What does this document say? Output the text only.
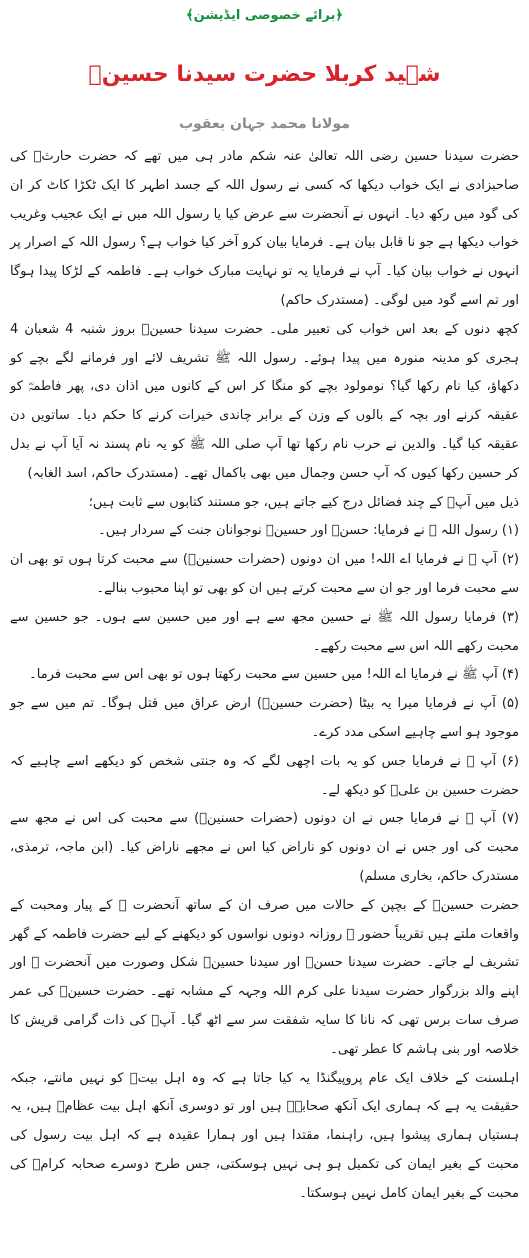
﴿برائے خصوصی ایڈیشن﴾
شہید کربلا حضرت سیدنا حسینؓ
مولانا محمد جہان یعقوب

حضرت سیدنا حسین رضی اللہ تعالیٰ عنہ شکم مادر ہی میں تھے کہ حضرت حارثؓ کی صاحبزادی نے ایک خواب دیکھا کہ کسی نے رسول اللہ کے جسد اطہر کا ایک ٹکڑا کاٹ کر ان کی گود میں رکھ دیا۔ انہوں نے آنحضرت سے عرض کیا یا رسول اللہ میں نے ایک عجیب وغریب خواب دیکھا ہے جو نا قابل بیان ہے۔ فرمایا بیان کرو آخر کیا خواب ہے؟ رسول اللہ کے اصرار پر انہوں نے خواب بیان کیا۔ آپ نے فرمایا یہ تو نہایت مبارک خواب ہے۔ فاطمہ کے لڑکا پیدا ہوگا اور تم اسے گود میں لوگی۔ (مستدرک حاکم)

کچھ دنوں کے بعد اس خواب کی تعبیر ملی۔ حضرت سیدنا حسینؓ بروز شنبہ 4 شعبان 4 ہجری کو مدینہ منورہ میں پیدا ہوئے۔ رسول اللہ ﷺ تشریف لائے اور فرمانے لگے بچے کو دکھاؤ، کیا نام رکھا گیا؟ نومولود بچے کو منگا کر اس کے کانوں میں اذان دی، پھر فاطمہؓ کو عقیقہ کرنے اور بچہ کے بالوں کے وزن کے برابر چاندی خیرات کرنے کا حکم دیا۔ ساتویں دن عقیقہ کیا گیا۔ والدین نے حرب نام رکھا تھا آپ صلی اللہ ﷺ کو یہ نام پسند نہ آیا آپ نے بدل کر حسین رکھا کیوں کہ آپ حسن وجمال میں بھی باکمال تھے۔ (مستدرک حاکم، اسد الغابہ)

ذیل میں آپؓ کے چند فضائل درج کیے جاتے ہیں، جو مستند کتابوں سے ثابت ہیں؛

(۱) رسول اللہ ﷺ نے فرمایا: حسنؓ اور حسینؓ نوجوانان جنت کے سردار ہیں۔

(۲) آپ ﷺ نے فرمایا اے اللہ! میں ان دونوں (حضرات حسنینؓ) سے محبت کرتا ہوں تو بھی ان سے محبت فرما اور جو ان سے محبت کرتے ہیں ان کو بھی تو اپنا محبوب بنالے۔

(۳) فرمایا رسول اللہ ﷺ نے حسین مجھ سے ہے اور میں حسین سے ہوں۔ جو حسین سے محبت رکھے اللہ اس سے محبت رکھے۔

(۴) آپ ﷺ نے فرمایا اے اللہ! میں حسین سے محبت رکھتا ہوں تو بھی اس سے محبت فرما۔

(۵) آپ نے فرمایا میرا یہ بیٹا (حضرت حسینؓ) ارض عراق میں قتل ہوگا۔ تم میں سے جو موجود ہو اسے چاہیے اسکی مدد کرے۔

(۶) آپ ﷺ نے فرمایا جس کو یہ بات اچھی لگے کہ وہ جنتی شخص کو دیکھے اسے چاہیے کہ حضرت حسین بن علیؓ کو دیکھ لے۔

(۷) آپ ﷺ نے فرمایا جس نے ان دونوں (حضرات حسنینؓ) سے محبت کی اس نے مجھ سے محبت کی اور جس نے ان دونوں کو ناراض کیا اس نے مجھے ناراض کیا۔ (ابن ماجہ، ترمذی، مستدرک حاکم، بخاری مسلم)

حضرت حسینؓ کے بچپن کے حالات میں صرف ان کے ساتھ آنحضرت ﷺ کے پیار ومحبت کے واقعات ملتے ہیں تقریباً حضور ﷺ روزانہ دونوں نواسوں کو دیکھنے کے لیے حضرت فاطمہ کے گھر تشریف لے جاتے۔ حضرت سیدنا حسنؓ اور سیدنا حسینؓ شکل وصورت میں آنحضرت ﷺ اور اپنے والد بزرگوار حضرت سیدنا علی کرم اللہ وجہہ کے مشابہ تھے۔ حضرت حسینؓ کی عمر صرف سات برس تھی کہ نانا کا سایہ شفقت سر سے اٹھ گیا۔ آپؓ کی ذات گرامی قریش کا خلاصہ اور بنی ہاشم کا عطر تھی۔

اہلسنت کے خلاف ایک عام پروپیگنڈا یہ کیا جاتا ہے کہ وہ اہل بیتؓ کو نہیں مانتے، جبکہ حقیقت یہ ہے کہ ہماری ایک آنکھ صحابہؓ ہیں اور تو دوسری آنکھ اہل بیت عظامؓ ہیں، یہ ہستیاں ہماری پیشوا ہیں، راہنما، مقتدا ہیں اور ہمارا عقیدہ ہے کہ اہل بیت رسول کی محبت کے بغیر ایمان کی تکمیل ہو ہی نہیں ہوسکتی، جس طرح دوسرے صحابہ کرامؓ کی محبت کے بغیر ایمان کامل نہیں ہوسکتا۔
